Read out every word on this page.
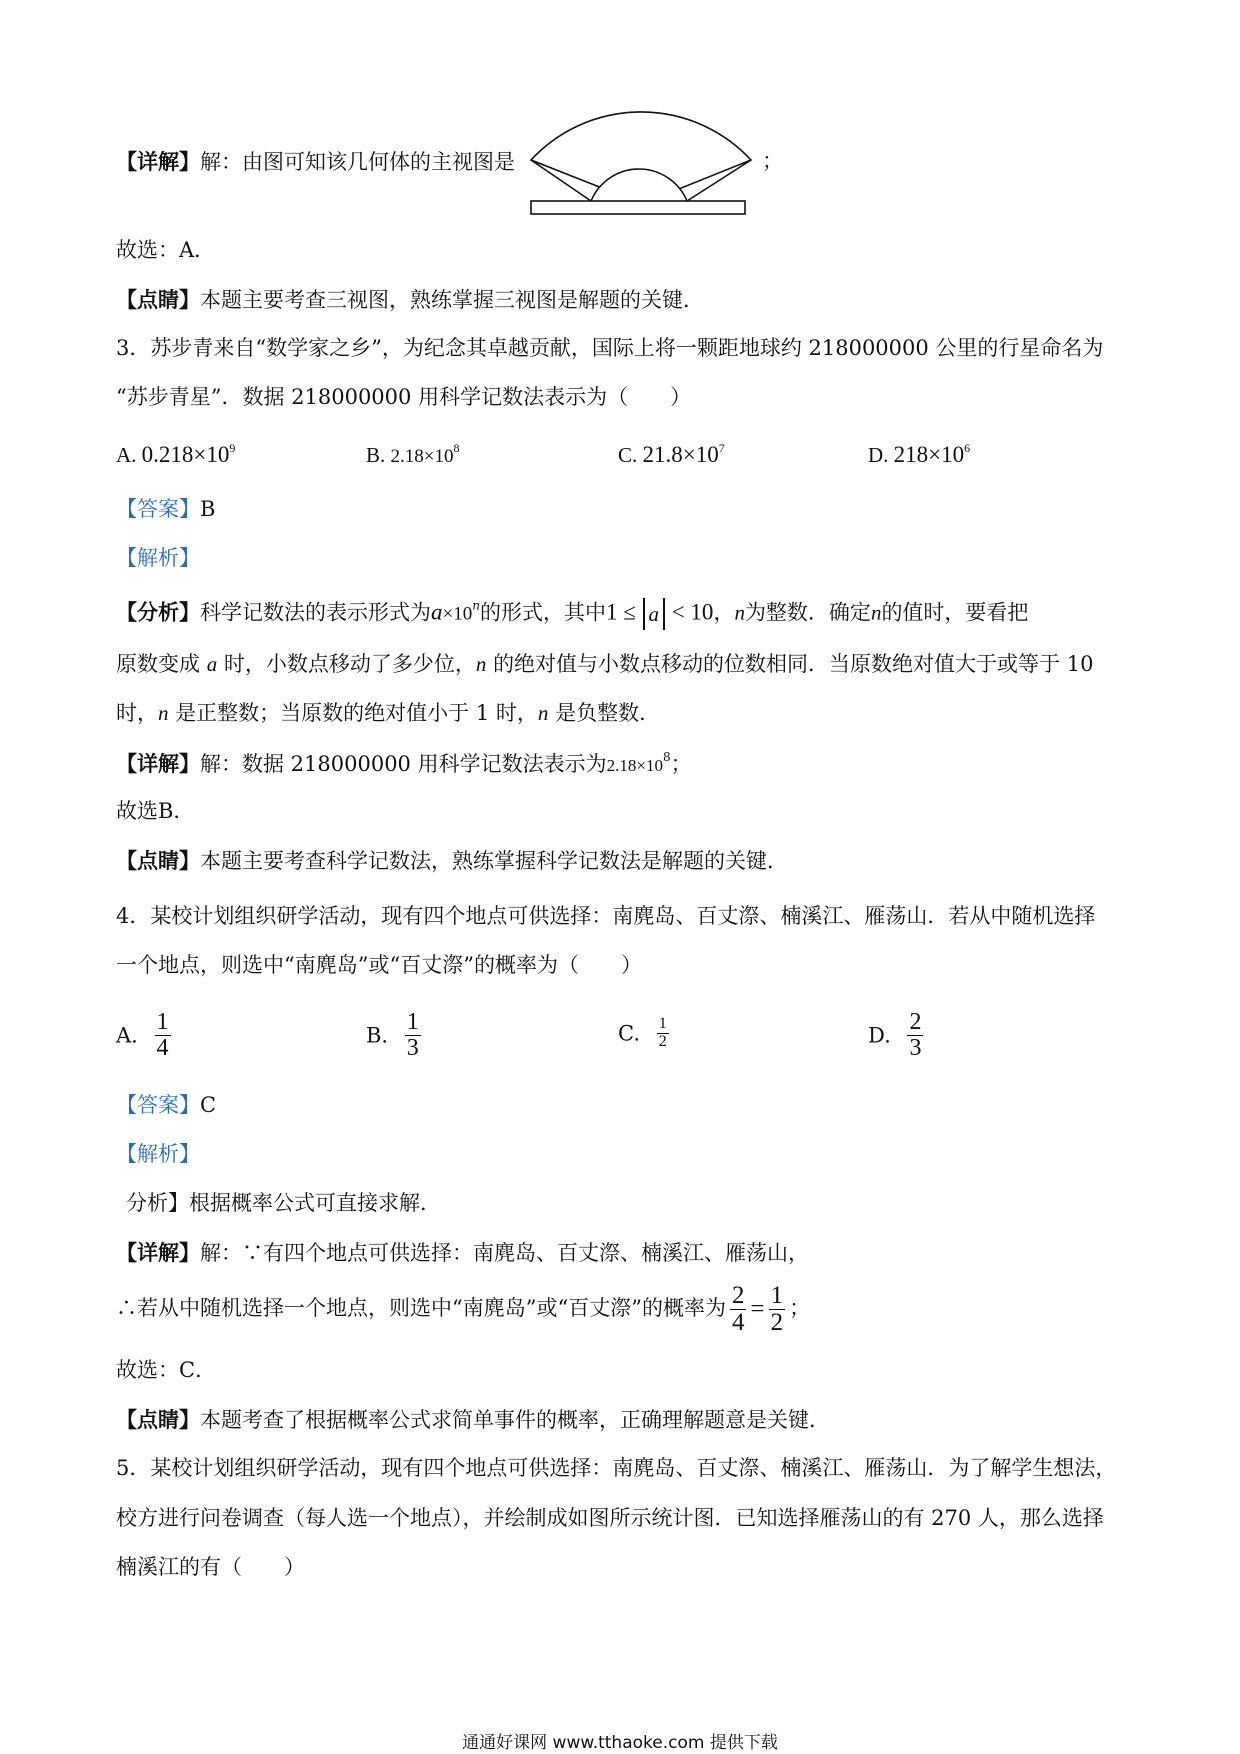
【详解】解：由图可知该几何体的主视图是	；
故选：A．
【点睛】本题主要考查三视图，熟练掌握三视图是解题的关键．
3．苏步青来自“数学家之乡”，为纪念其卓越贡献，国际上将一颗距地球约 218000000 公里的行星命名为
“苏步青星”．数据 218000000 用科学记数法表示为（　　）
A. $0.218\times 10^9$	B. $2.18\times 10^8$	C. $21.8\times 10^7$	D. $218\times 10^6$
【答案】B
【解析】
【分析】科学记数法的表示形式为$a\times 10^n$的形式，其中1 ≤ a < 10，n为整数．确定n的值时，要看把
原数变成 a 时，小数点移动了多少位，n 的绝对值与小数点移动的位数相同．当原数绝对值大于或等于 10
时，n 是正整数；当原数的绝对值小于 1 时，n 是负整数．
【详解】解：数据 218000000 用科学记数法表示为$2.18\times 10^8$；
故选B．
【点睛】本题主要考查科学记数法，熟练掌握科学记数法是解题的关键．
4．某校计划组织研学活动，现有四个地点可供选择：南麂岛、百丈漈、楠溪江、雁荡山．若从中随机选择
一个地点，则选中“南麂岛”或“百丈漈”的概率为（　　）
A. $\frac{1}{4}$	B. $\frac{1}{3}$	C. $\frac{1}{2}$	D. $\frac{2}{3}$
【答案】C
【解析】
分析】根据概率公式可直接求解．
【详解】解：∵有四个地点可供选择：南麂岛、百丈漈、楠溪江、雁荡山，
∴若从中随机选择一个地点，则选中“南麂岛”或“百丈漈”的概率为 $\frac{2}{4} = \frac{1}{2}$ ；
故选：C．
【点睛】本题考查了根据概率公式求简单事件的概率，正确理解题意是关键．
5．某校计划组织研学活动，现有四个地点可供选择：南麂岛、百丈漈、楠溪江、雁荡山．为了解学生想法，
校方进行问卷调查（每人选一个地点），并绘制成如图所示统计图．已知选择雁荡山的有 270 人，那么选择
楠溪江的有（　　）
通通好课网 www.tthaoke.com 提供下载
